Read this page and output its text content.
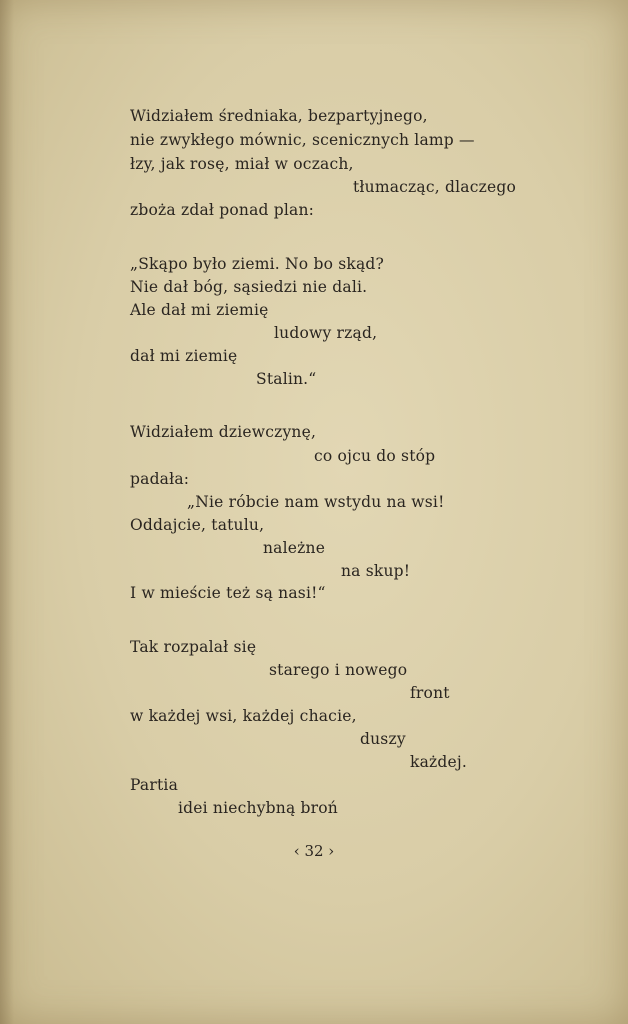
Widziałem średniaka, bezpartyjnego,
nie zwykłego mównic, scenicznych lamp —
łzy, jak rosę, miał w oczach,
tłumacząc, dlaczego
zboża zdał ponad plan:
„Skąpo było ziemi. No bo skąd?
Nie dał bóg, sąsiedzi nie dali.
Ale dał mi ziemię
ludowy rząd,
dał mi ziemię
Stalin.“
Widziałem dziewczynę,
co ojcu do stóp
padała:
„Nie róbcie nam wstydu na wsi!
Oddajcie, tatulu,
należne
na skup!
I w mieście też są nasi!“
Tak rozpalał się
starego i nowego
front
w każdej wsi, każdej chacie,
duszy
każdej.
Partia
idei niechybną broń
‹ 32 ›
